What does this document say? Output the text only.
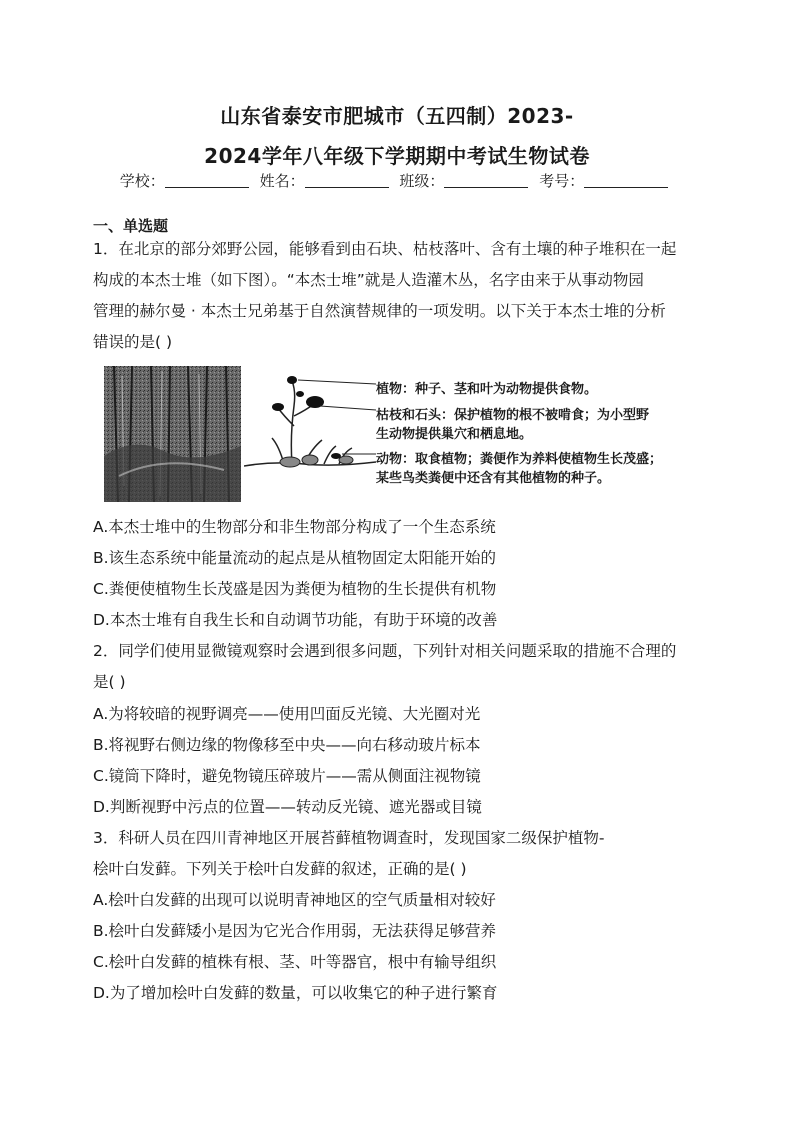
山东省泰安市肥城市（五四制）2023-
2024学年八年级下学期期中考试生物试卷
学校：	姓名：	班级：	考号：
一、单选题
1．在北京的部分郊野公园，能够看到由石块、枯枝落叶、含有土壤的种子堆积在一起
构成的本杰士堆（如下图）。“本杰士堆”就是人造灌木丛，名字由来于从事动物园
管理的赫尔曼 · 本杰士兄弟基于自然演替规律的一项发明。以下关于本杰士堆的分析
错误的是( )
植物：种子、茎和叶为动物提供食物。
枯枝和石头：保护植物的根不被啃食；为小型野
生动物提供巢穴和栖息地。
动物：取食植物；粪便作为养料使植物生长茂盛；
某些鸟类粪便中还含有其他植物的种子。
A.本杰士堆中的生物部分和非生物部分构成了一个生态系统
B.该生态系统中能量流动的起点是从植物固定太阳能开始的
C.粪便使植物生长茂盛是因为粪便为植物的生长提供有机物
D.本杰士堆有自我生长和自动调节功能，有助于环境的改善
2．同学们使用显微镜观察时会遇到很多问题，下列针对相关问题采取的措施不合理的
是( )
A.为将较暗的视野调亮——使用凹面反光镜、大光圈对光
B.将视野右侧边缘的物像移至中央——向右移动玻片标本
C.镜筒下降时，避免物镜压碎玻片——需从侧面注视物镜
D.判断视野中污点的位置——转动反光镜、遮光器或目镜
3．科研人员在四川青神地区开展苔藓植物调查时，发现国家二级保护植物-
桧叶白发藓。下列关于桧叶白发藓的叙述，正确的是( )
A.桧叶白发藓的出现可以说明青神地区的空气质量相对较好
B.桧叶白发藓矮小是因为它光合作用弱，无法获得足够营养
C.桧叶白发藓的植株有根、茎、叶等器官，根中有输导组织
D.为了增加桧叶白发藓的数量，可以收集它的种子进行繁育
